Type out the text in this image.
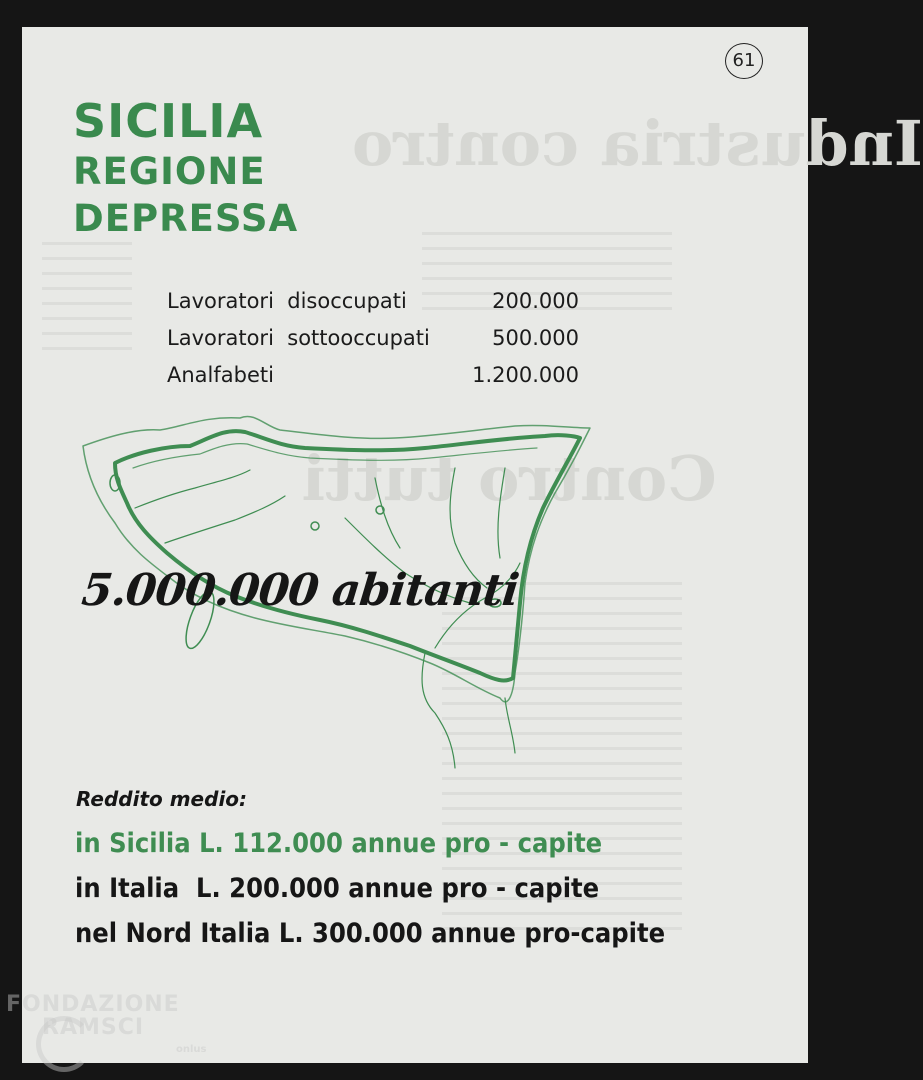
Industria contro
Contro tutti
61
SICILIA
REGIONE
DEPRESSA
Lavoratori  disoccupati	200.000
Lavoratori  sottooccupati	500.000
Analfabeti	1.200.000
5.000.000 abitanti
Reddito medio:
in Sicilia L. 112.000 annue pro - capite
in Italia  L. 200.000 annue pro - capite
nel Nord Italia L. 300.000 annue pro-capite
FONDAZIONE
RAMSCI
onlus
